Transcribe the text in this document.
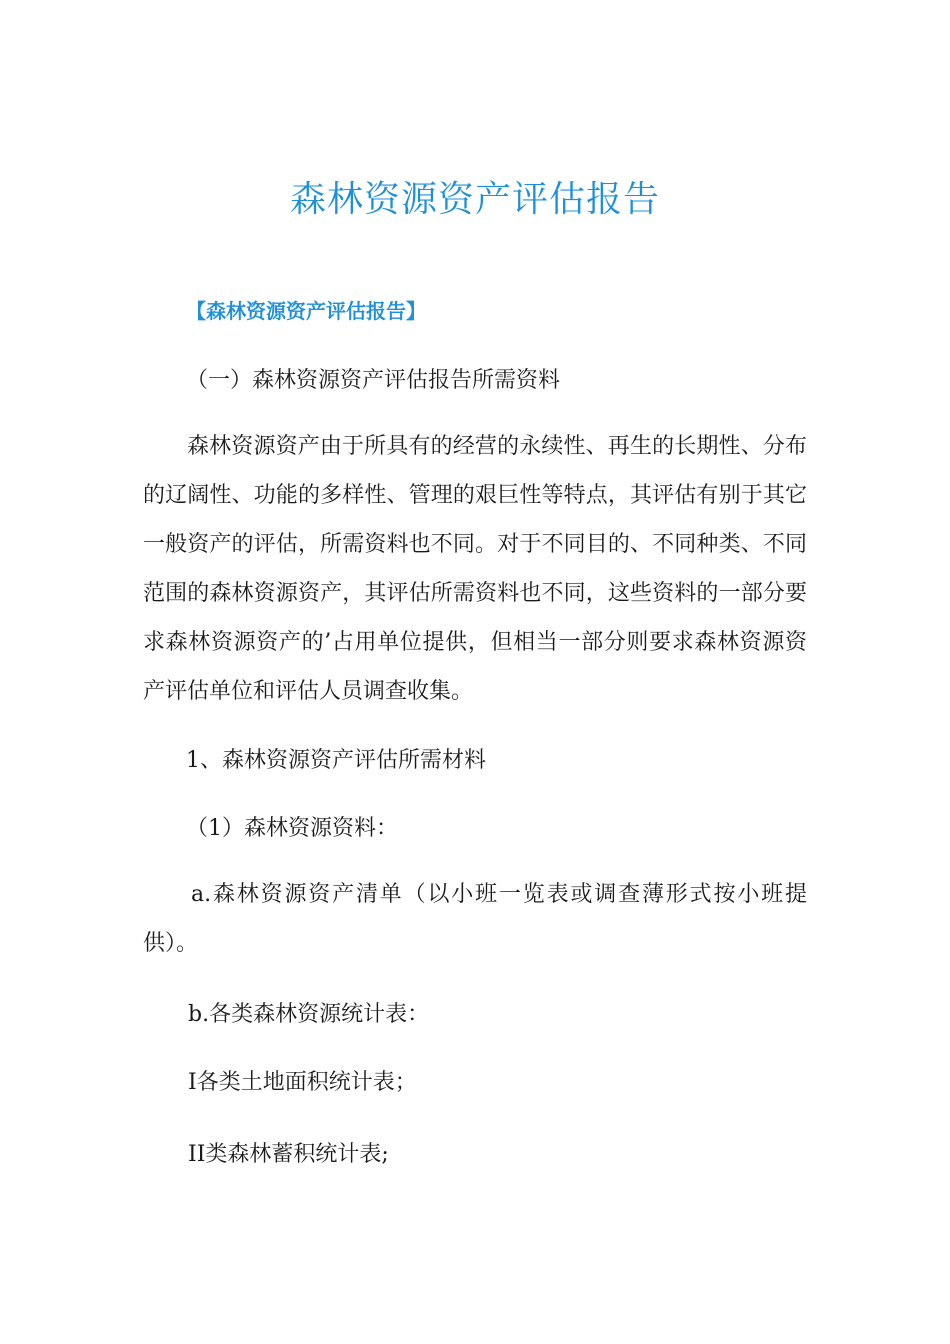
森林资源资产评估报告
【森林资源资产评估报告】
（一）森林资源资产评估报告所需资料
森林资源资产由于所具有的经营的永续性、再生的长期性、分布的辽阔性、功能的多样性、管理的艰巨性等特点，其评估有别于其它一般资产的评估，所需资料也不同。对于不同目的、不同种类、不同范围的森林资源资产，其评估所需资料也不同，这些资料的一部分要求森林资源资产的’占用单位提供，但相当一部分则要求森林资源资产评估单位和评估人员调查收集。
1、森林资源资产评估所需材料
（1）森林资源资料：
a.森林资源资产清单（以小班一览表或调查薄形式按小班提供）。
b.各类森林资源统计表：
I各类土地面积统计表；
II类森林蓄积统计表;
